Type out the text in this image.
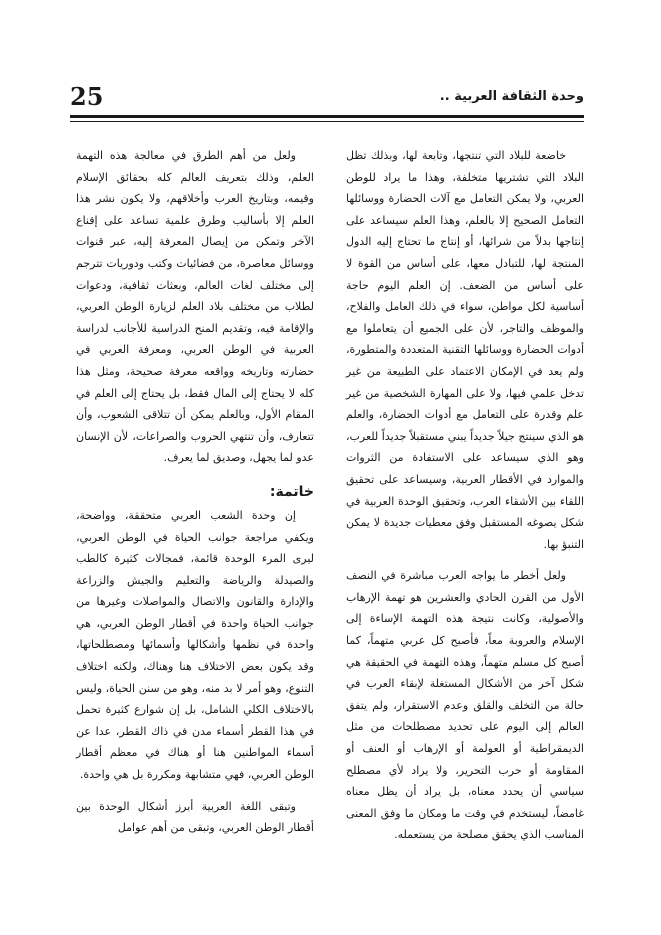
25	وحدة الثقافة العربية ..

خاضعة للبلاد التي تنتجها، وتابعة لها، وبذلك تظل البلاد التي تشتريها متخلفة، وهذا ما يراد للوطن العربي، ولا يمكن التعامل مع آلات الحضارة ووسائلها التعامل الصحيح إلا بالعلم، وهذا العلم سيساعد على إنتاجها بدلاً من شرائها، أو إنتاج ما تحتاج إليه الدول المنتجة لها، للتبادل معها، على أساس من القوة لا على أساس من الضعف. إن العلم اليوم حاجة أساسية لكل مواطن، سواء في ذلك العامل والفلاح، والموظف والتاجر، لأن على الجميع أن يتعاملوا مع أدوات الحضارة ووسائلها التقنية المتعددة والمتطورة، ولم يعد في الإمكان الاعتماد على الطبيعة من غير تدخل علمي فيها، ولا على المهارة الشخصية من غير علم وقدرة على التعامل مع أدوات الحضارة، والعلم هو الذي سينتج جيلاً جديداً يبني مستقبلاً جديداً للعرب، وهو الذي سيساعد على الاستفادة من الثروات والموارد في الأقطار العربية، وسيساعد على تحقيق اللقاء بين الأشقاء العرب، وتحقيق الوحدة العربية في شكل يصوغه المستقبل وفق معطيات جديدة لا يمكن التنبؤ بها.

ولعل أخطر ما يواجه العرب مباشرة في النصف الأول من القرن الحادي والعشرين هو تهمة الإرهاب والأصولية، وكانت نتيجة هذه التهمة الإساءة إلى الإسلام والعروبة معاً، فأصبح كل عربي متهماً، كما أصبح كل مسلم متهماً، وهذه التهمة في الحقيقة هي شكل آخر من الأشكال المستغلة لإبقاء العرب في حالة من التخلف والقلق وعدم الاستقرار، ولم يتفق العالم إلى اليوم على تحديد مصطلحات من مثل الديمقراطية أو العولمة أو الإرهاب أو العنف أو المقاومة أو حرب التحرير، ولا يراد لأي مصطلح سياسي أن يحدد معناه، بل يراد أن يظل معناه غامضاً، ليستخدم في وقت ما ومكان ما وفق المعنى المناسب الذي يحقق مصلحة من يستعمله.

ولعل من أهم الطرق في معالجة هذه التهمة العلم، وذلك بتعريف العالم كله بحقائق الإسلام وقيمه، وبتاريخ العرب وأخلاقهم، ولا يكون نشر هذا العلم إلا بأساليب وطرق علمية تساعد على إقناع الآخر وتمكن من إيصال المعرفة إليه، عبر قنوات ووسائل معاصرة، من فضائيات وكتب ودوريات تترجم إلى مختلف لغات العالم، وبعثات ثقافية، ودعوات لطلاب من مختلف بلاد العلم لزيارة الوطن العربي، والإقامة فيه، وتقديم المنح الدراسية للأجانب لدراسة العربية في الوطن العربي، ومعرفة العربي في حضارته وتاريخه وواقعه معرفة صحيحة، ومثل هذا كله لا يحتاج إلى المال فقط، بل يحتاج إلى العلم في المقام الأول، وبالعلم يمكن أن تتلاقى الشعوب، وأن تتعارف، وأن تنتهي الحروب والصراعات، لأن الإنسان عدو لما يجهل، وصديق لما يعرف.

خاتمة:

إن وحدة الشعب العربي متحققة، وواضحة، ويكفي مراجعة جوانب الحياة في الوطن العربي، ليرى المرء الوحدة قائمة، فمجالات كثيرة كالطب والصيدلة والرياضة والتعليم والجيش والزراعة والإدارة والقانون والاتصال والمواصلات وغيرها من جوانب الحياة واحدة في أقطار الوطن العربي، هي واحدة في نظمها وأشكالها وأسمائها ومصطلحاتها، وقد يكون بعض الاختلاف هنا وهناك، ولكنه اختلاف التنوع، وهو أمر لا بد منه، وهو من سنن الحياة، وليس بالاختلاف الكلي الشامل، بل إن شوارع كثيرة تحمل في هذا القطر أسماء مدن في ذاك القطر، عدا عن أسماء المواطنين هنا أو هناك في معظم أقطار الوطن العربي، فهي متشابهة ومكررة بل هي واحدة.

وتبقى اللغة العربية أبرز أشكال الوحدة بين أقطار الوطن العربي، وتبقى من أهم عوامل
